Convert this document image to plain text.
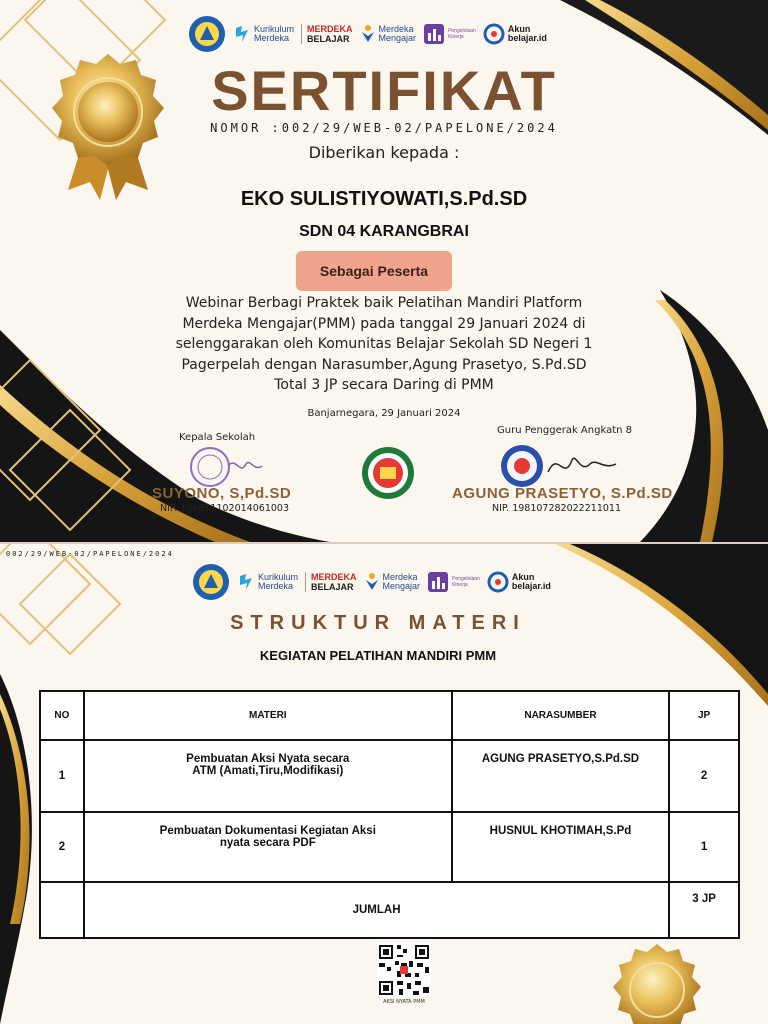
Kurikulum
Merdeka
MERDEKA
BELAJAR
Merdeka
Mengajar
Pengelolaan
Kinerja
Akun
belajar.id
SERTIFIKAT
NOMOR :002/29/WEB-02/PAPELONE/2024
Diberikan kepada :
EKO SULISTIYOWATI,S.Pd.SD
SDN 04 KARANGBRAI
Sebagai Peserta
Webinar Berbagi Praktek baik Pelatihan Mandiri Platform
Merdeka Mengajar(PMM) pada tanggal 29 Januari 2024 di
selenggarakan oleh Komunitas Belajar Sekolah SD Negeri 1
Pagerpelah dengan Narasumber,Agung Prasetyo, S.Pd.SD
Total 3 JP secara Daring di PMM
Banjarnegara, 29 Januari 2024
Kepala Sekolah
SUYONO, S,Pd.SD
NIP. 196811102014061003
Guru Penggerak Angkatn 8
AGUNG PRASETYO, S.Pd.SD
NIP. 198107282022211011
002/29/WEB-02/PAPELONE/2024
Kurikulum
Merdeka
MERDEKA
BELAJAR
Merdeka
Mengajar
Pengelolaan
Kinerja
Akun
belajar.id
STRUKTUR MATERI
KEGIATAN PELATIHAN MANDIRI PMM
NO	MATERI	NARASUMBER	JP
1	Pembuatan Aksi Nyata secara
ATM (Amati,Tiru,Modifikasi)	AGUNG PRASETYO,S.Pd.SD	2
2	Pembuatan Dokumentasi Kegiatan Aksi
nyata secara PDF	HUSNUL KHOTIMAH,S.Pd	1
	JUMLAH		3 JP
AKSI NYATA PMM
